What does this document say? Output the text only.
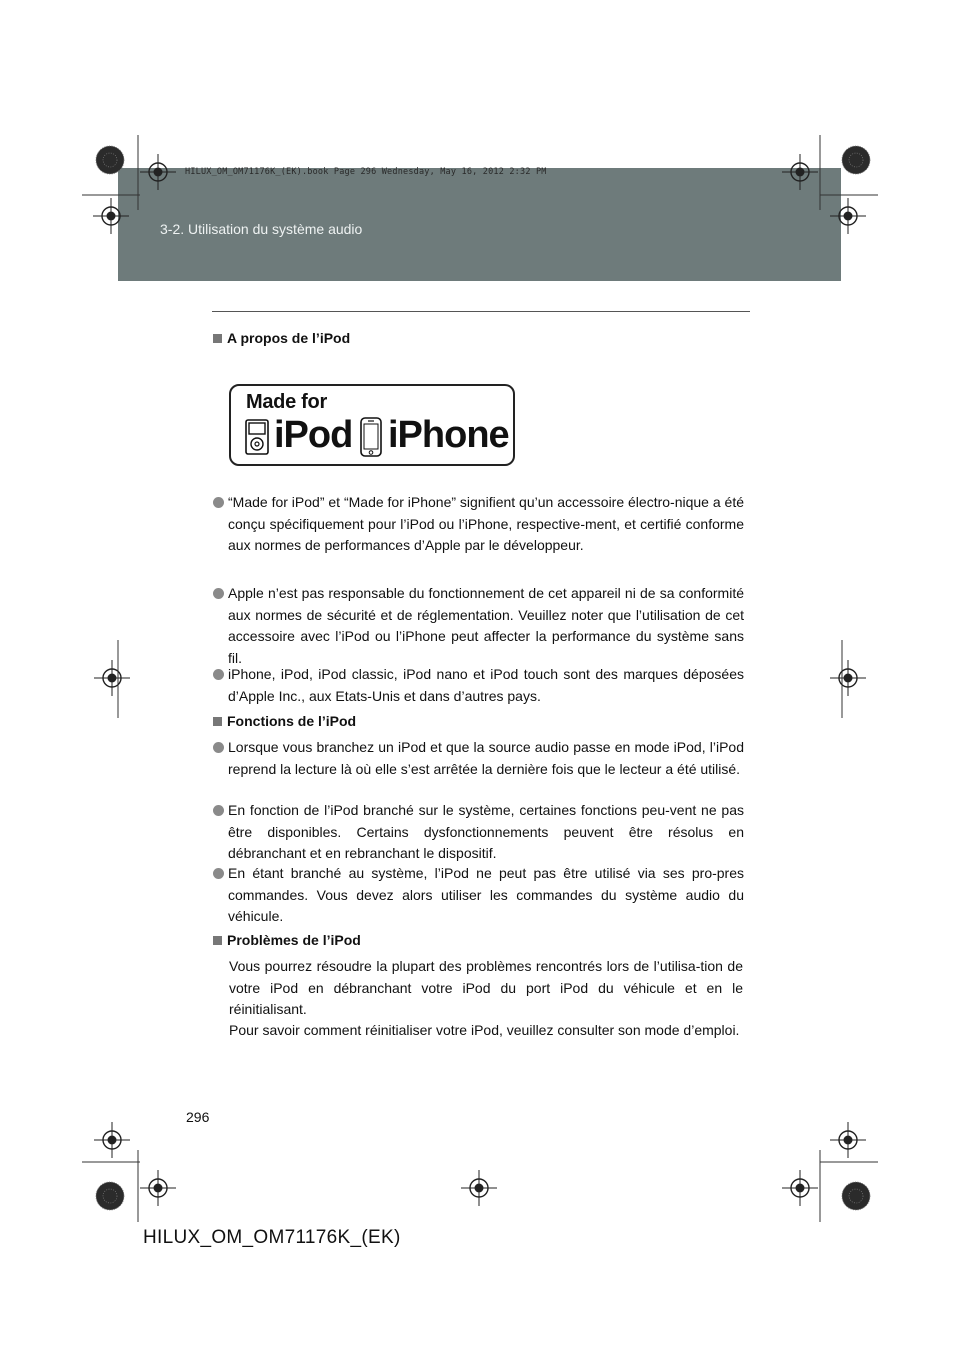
HILUX_OM_OM71176K_(EK).book Page 296 Wednesday, May 16, 2012 2:32 PM
3-2. Utilisation du système audio
A propos de l’iPod
Made for
iPod iPhone
“Made for iPod” et “Made for iPhone” signifient qu’un accessoire électro-nique a été conçu spécifiquement pour l’iPod ou l’iPhone, respective-ment, et certifié conforme aux normes de performances d’Apple par le développeur.
Apple n’est pas responsable du fonctionnement de cet appareil ni de sa conformité aux normes de sécurité et de réglementation. Veuillez noter que l’utilisation de cet accessoire avec l’iPod ou l’iPhone peut affecter la performance du système sans fil.
iPhone, iPod, iPod classic, iPod nano et iPod touch sont des marques déposées d’Apple Inc., aux Etats-Unis et dans d’autres pays.
Fonctions de l’iPod
Lorsque vous branchez un iPod et que la source audio passe en mode iPod, l’iPod reprend la lecture là où elle s’est arrêtée la dernière fois que le lecteur a été utilisé.
En fonction de l’iPod branché sur le système, certaines fonctions peu-vent ne pas être disponibles. Certains dysfonctionnements peuvent être résolus en débranchant et en rebranchant le dispositif.
En étant branché au système, l’iPod ne peut pas être utilisé via ses pro-pres commandes. Vous devez alors utiliser les commandes du système audio du véhicule.
Problèmes de l’iPod
Vous pourrez résoudre la plupart des problèmes rencontrés lors de l’utilisa-tion de votre iPod en débranchant votre iPod du port iPod du véhicule et en le réinitialisant.
Pour savoir comment réinitialiser votre iPod, veuillez consulter son mode d’emploi.
296
HILUX_OM_OM71176K_(EK)
